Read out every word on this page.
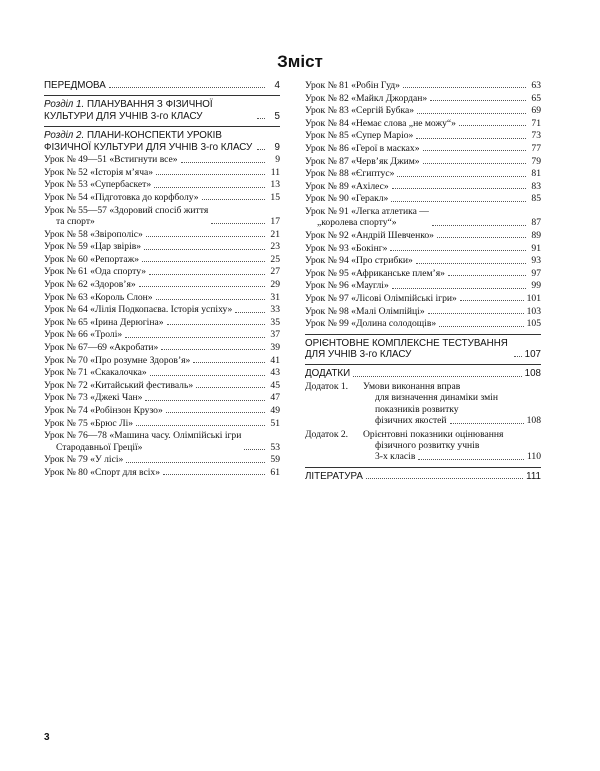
Зміст
ПЕРЕДМОВА	4
Розділ 1. ПЛАНУВАННЯ З ФІЗИЧНОЇ КУЛЬТУРИ ДЛЯ УЧНІВ 3-го КЛАСУ	5
Розділ 2. ПЛАНИ-КОНСПЕКТИ УРОКІВ ФІЗИЧНОЇ КУЛЬТУРИ ДЛЯ УЧНІВ 3-го КЛАСУ	9
Урок № 49—51 «Встигнути все»	9
Урок № 52 «Історія м’яча»	11
Урок № 53 «Супербаскет»	13
Урок № 54 «Підготовка до корфболу»	15
Урок № 55—57 «Здоровий спосіб життя
та спорт»	17
Урок № 58 «Звірополіс»	21
Урок № 59 «Цар звірів»	23
Урок № 60 «Репортаж»	25
Урок № 61 «Ода спорту»	27
Урок № 62 «Здоров’я»	29
Урок № 63 «Король Слон»	31
Урок № 64 «Лілія Подкопаєва. Історія успіху»	33
Урок № 65 «Ірина Дерюгіна»	35
Урок № 66 «Тролі»	37
Урок № 67—69 «Акробати»	39
Урок № 70 «Про розумне Здоров’я»	41
Урок № 71 «Скакалочка»	43
Урок № 72 «Китайський фестиваль»	45
Урок № 73 «Джекі Чан»	47
Урок № 74 «Робінзон Крузо»	49
Урок № 75 «Брюс Лі»	51
Урок № 76—78 «Машина часу. Олімпійські ігри
Стародавньої Греції»	53
Урок № 79 «У лісі»	59
Урок № 80 «Спорт для всіх»	61
Урок № 81 «Робін Гуд»	63
Урок № 82 «Майкл Джордан»	65
Урок № 83 «Сергій Бубка»	69
Урок № 84 «Немає слова „не можу“»	71
Урок № 85 «Супер Маріо»	73
Урок № 86 «Герої в масках»	77
Урок № 87 «Черв’як Джим»	79
Урок № 88 «Єгиптус»	81
Урок № 89 «Ахілес»	83
Урок № 90 «Геракл»	85
Урок № 91 «Легка атлетика —
„королева спорту“»	87
Урок № 92 «Андрій Шевченко»	89
Урок № 93 «Бокінг»	91
Урок № 94 «Про стрибки»	93
Урок № 95 «Африканське плем’я»	97
Урок № 96 «Мауглі»	99
Урок № 97 «Лісові Олімпійські ігри»	101
Урок № 98 «Малі Олімпійці»	103
Урок № 99 «Долина солодощів»	105
ОРІЄНТОВНЕ КОМПЛЕКСНЕ ТЕСТУВАННЯ ДЛЯ УЧНІВ 3-го КЛАСУ	107
ДОДАТКИ	108
Додаток 1.	Умови виконання вправ
для визначення динаміки змін
показників розвитку
фізичних якостей	108
Додаток 2.	Орієнтовні показники оцінювання
фізичного розвитку учнів
3-х класів	110
ЛІТЕРАТУРА	111
3
